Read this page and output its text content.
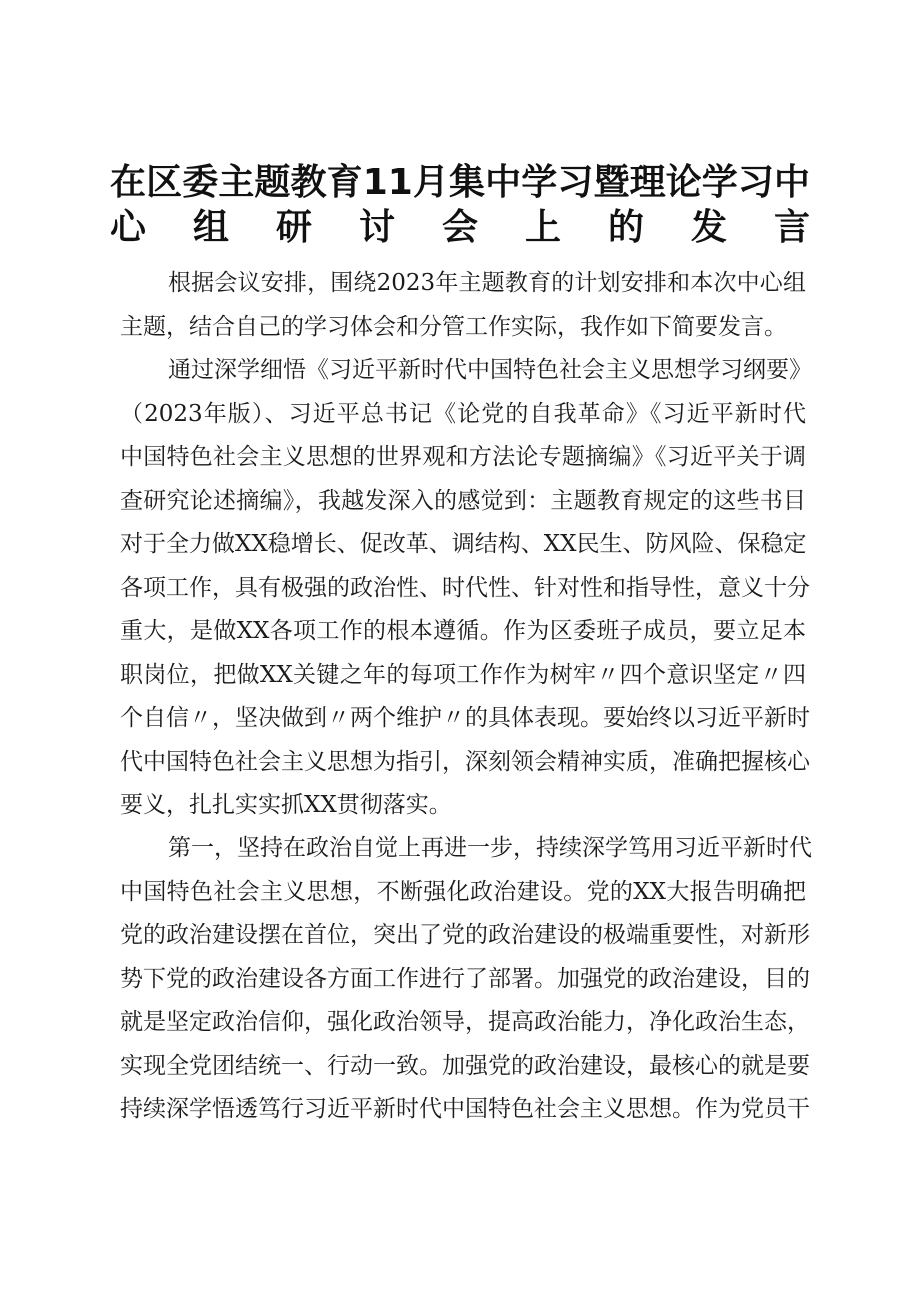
在区委主题教育11月集中学习暨理论学习中
心组研讨会上的发言
根据会议安排，围绕2023年主题教育的计划安排和本次中心组
主题，结合自己的学习体会和分管工作实际，我作如下简要发言。
通过深学细悟《习近平新时代中国特色社会主义思想学习纲要》
（2023年版）、习近平总书记《论党的自我革命》《习近平新时代
中国特色社会主义思想的世界观和方法论专题摘编》《习近平关于调
查研究论述摘编》，我越发深入的感觉到：主题教育规定的这些书目
对于全力做XX稳增长、促改革、调结构、XX民生、防风险、保稳定
各项工作，具有极强的政治性、时代性、针对性和指导性，意义十分
重大，是做XX各项工作的根本遵循。作为区委班子成员，要立足本
职岗位，把做XX关键之年的每项工作作为树牢〃四个意识坚定〃四
个自信〃，坚决做到〃两个维护〃的具体表现。要始终以习近平新时
代中国特色社会主义思想为指引，深刻领会精神实质，准确把握核心
要义，扎扎实实抓XX贯彻落实。
第一，坚持在政治自觉上再进一步，持续深学笃用习近平新时代
中国特色社会主义思想，不断强化政治建设。党的XX大报告明确把
党的政治建设摆在首位，突出了党的政治建设的极端重要性，对新形
势下党的政治建设各方面工作进行了部署。加强党的政治建设，目的
就是坚定政治信仰，强化政治领导，提高政治能力，净化政治生态，
实现全党团结统一、行动一致。加强党的政治建设，最核心的就是要
持续深学悟透笃行习近平新时代中国特色社会主义思想。作为党员干
